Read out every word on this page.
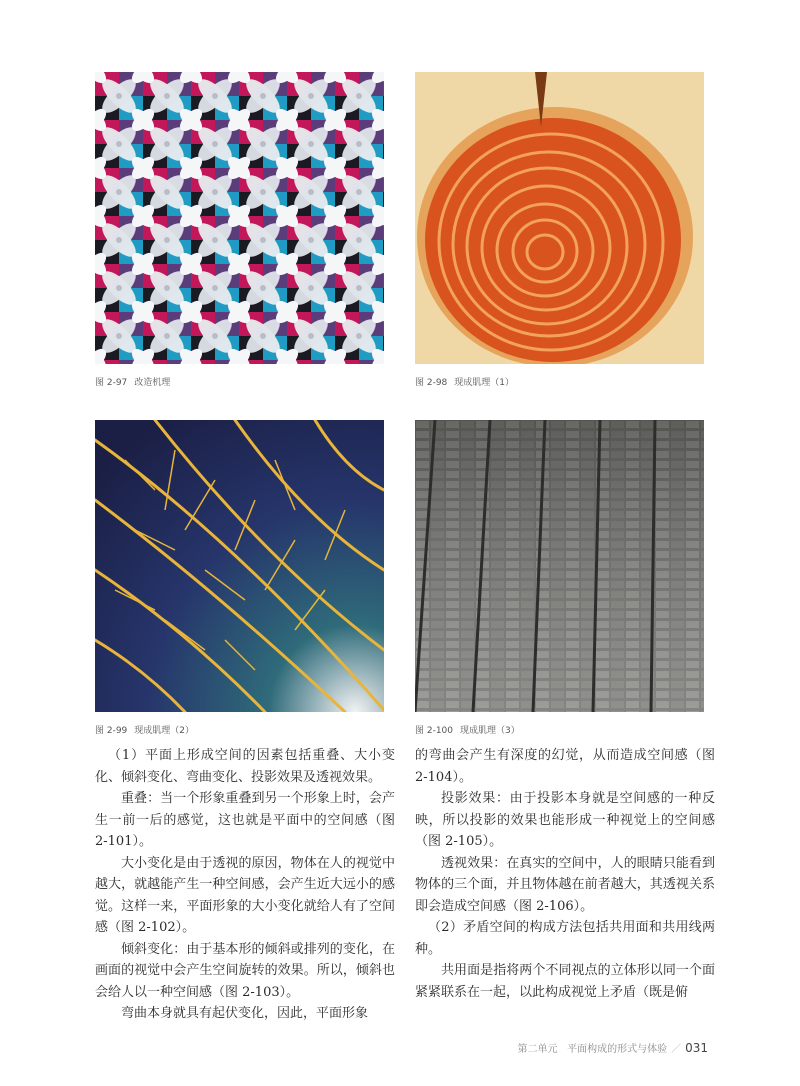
图 2-97 改造机理	图 2-98 现成肌理（1）
图 2-99 现成肌理（2）	图 2-100 现成肌理（3）

（1）平面上形成空间的因素包括重叠、大小变化、倾斜变化、弯曲变化、投影效果及透视效果。

重叠：当一个形象重叠到另一个形象上时，会产生一前一后的感觉，这也就是平面中的空间感（图 2-101）。

大小变化是由于透视的原因，物体在人的视觉中越大，就越能产生一种空间感，会产生近大远小的感觉。这样一来，平面形象的大小变化就给人有了空间感（图 2-102）。

倾斜变化：由于基本形的倾斜或排列的变化，在画面的视觉中会产生空间旋转的效果。所以，倾斜也会给人以一种空间感（图 2-103）。

弯曲本身就具有起伏变化，因此，平面形象

的弯曲会产生有深度的幻觉，从而造成空间感（图 2-104）。

投影效果：由于投影本身就是空间感的一种反映，所以投影的效果也能形成一种视觉上的空间感（图 2-105）。

透视效果：在真实的空间中，人的眼睛只能看到物体的三个面，并且物体越在前者越大，其透视关系即会造成空间感（图 2-106）。

（2）矛盾空间的构成方法包括共用面和共用线两种。

共用面是指将两个不同视点的立体形以同一个面紧紧联系在一起，以此构成视觉上矛盾（既是俯

第二单元 平面构成的形式与体验 ／ 031
